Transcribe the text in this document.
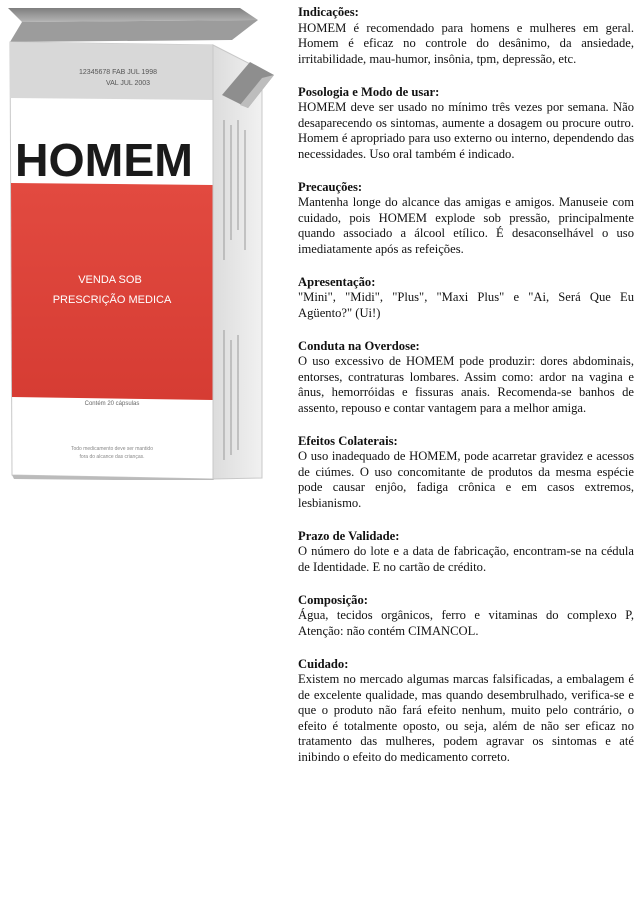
12345678 FAB JUL 1998
VAL JUL 2003
HOMEM
VENDA SOB
PRESCRIÇÃO MEDICA
Contém 20 cápsulas
Todo medicamento deve ser mantido
fora do alcance das crianças.
Indicações:

HOMEM é recomendado para homens e mulheres em geral. Homem é eficaz no controle do desânimo, da ansiedade, irritabilidade, mau-humor, insônia, tpm, depressão, etc.

Posologia e Modo de usar:

HOMEM deve ser usado no mínimo três vezes por semana. Não desaparecendo os sintomas, aumente a dosagem ou procure outro. Homem é apropriado para uso externo ou interno, dependendo das necessidades. Uso oral também é indicado.

Precauções:

Mantenha longe do alcance das amigas e amigos. Manuseie com cuidado, pois HOMEM explode sob pressão, principalmente quando associado a álcool etílico. É desaconselhável o uso imediatamente após as refeições.

Apresentação:

"Mini", "Midi", "Plus", "Maxi Plus" e "Ai, Será Que Eu Agüento?" (Ui!)

Conduta na Overdose:

O uso excessivo de HOMEM pode produzir: dores abdominais, entorses, contraturas lombares. Assim como: ardor na vagina e ânus, hemorróidas e fissuras anais. Recomenda-se banhos de assento, repouso e contar vantagem para a melhor amiga.

Efeitos Colaterais:

O uso inadequado de HOMEM, pode acarretar gravidez e acessos de ciúmes. O uso concomitante de produtos da mesma espécie pode causar enjôo, fadiga crônica e em casos extremos, lesbianismo.

Prazo de Validade:

O número do lote e a data de fabricação, encontram-se na cédula de Identidade. E no cartão de crédito.

Composição:

Água, tecidos orgânicos, ferro e vitaminas do complexo P, Atenção: não contém CIMANCOL.

Cuidado:

Existem no mercado algumas marcas falsificadas, a embalagem é de excelente qualidade, mas quando desembrulhado, verifica-se e que o produto não fará efeito nenhum, muito pelo contrário, o efeito é totalmente oposto, ou seja, além de não ser eficaz no tratamento das mulheres, podem agravar os sintomas e até inibindo o efeito do medicamento correto.
